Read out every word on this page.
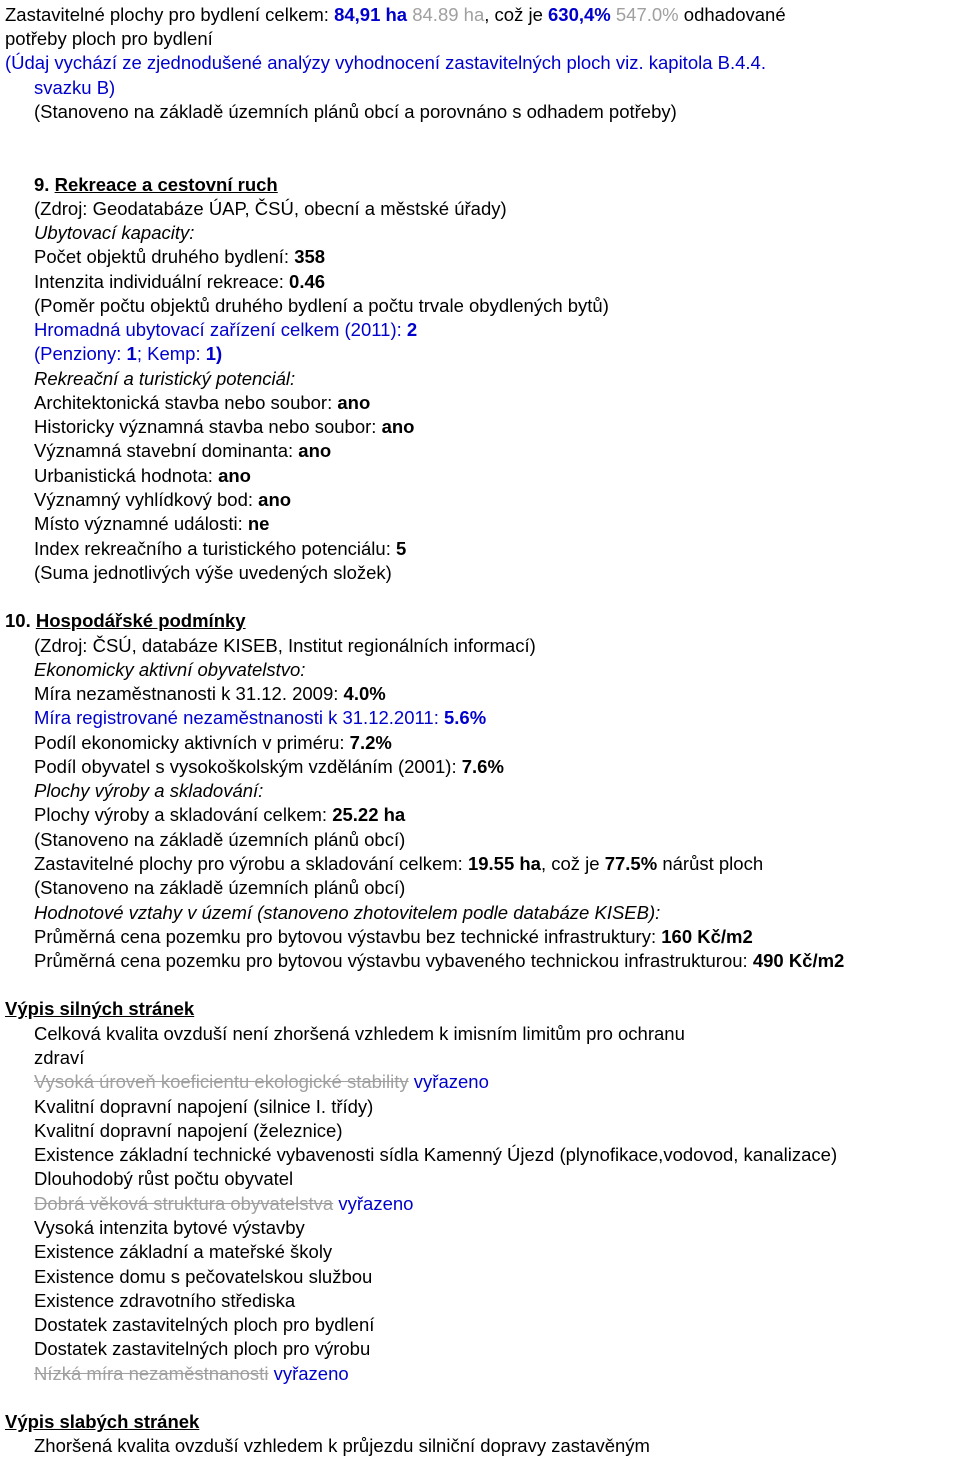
Zastavitelné plochy pro bydlení celkem: 84,91 ha 84.89 ha, což je 630,4% 547.0% odhadované
potřeby ploch pro bydlení
(Údaj vychází ze zjednodušené analýzy vyhodnocení zastavitelných ploch viz. kapitola B.4.4.
svazku B)
(Stanoveno na základě územních plánů obcí a porovnáno s odhadem potřeby)
9. Rekreace a cestovní ruch
(Zdroj: Geodatabáze ÚAP, ČSÚ, obecní a městské úřady)
Ubytovací kapacity:
Počet objektů druhého bydlení: 358
Intenzita individuální rekreace: 0.46
(Poměr počtu objektů druhého bydlení a počtu trvale obydlených bytů)
Hromadná ubytovací zařízení celkem (2011): 2
(Penziony: 1; Kemp: 1)
Rekreační a turistický potenciál:
Architektonická stavba nebo soubor: ano
Historicky významná stavba nebo soubor: ano
Významná stavební dominanta: ano
Urbanistická hodnota: ano
Významný vyhlídkový bod: ano
Místo významné události: ne
Index rekreačního a turistického potenciálu: 5
(Suma jednotlivých výše uvedených složek)
10. Hospodářské podmínky
(Zdroj: ČSÚ, databáze KISEB, Institut regionálních informací)
Ekonomicky aktivní obyvatelstvo:
Míra nezaměstnanosti k 31.12. 2009: 4.0%
Míra registrované nezaměstnanosti k 31.12.2011: 5.6%
Podíl ekonomicky aktivních v priméru: 7.2%
Podíl obyvatel s vysokoškolským vzděláním (2001): 7.6%
Plochy výroby a skladování:
Plochy výroby a skladování celkem: 25.22 ha
(Stanoveno na základě územních plánů obcí)
Zastavitelné plochy pro výrobu a skladování celkem: 19.55 ha, což je 77.5% nárůst ploch
(Stanoveno na základě územních plánů obcí)
Hodnotové vztahy v území (stanoveno zhotovitelem podle databáze KISEB):
Průměrná cena pozemku pro bytovou výstavbu bez technické infrastruktury: 160 Kč/m2
Průměrná cena pozemku pro bytovou výstavbu vybaveného technickou infrastrukturou: 490 Kč/m2
Výpis silných stránek
Celková kvalita ovzduší není zhoršená vzhledem k imisním limitům pro ochranu
zdraví
Vysoká úroveň koeficientu ekologické stability vyřazeno
Kvalitní dopravní napojení (silnice I. třídy)
Kvalitní dopravní napojení (železnice)
Existence základní technické vybavenosti sídla Kamenný Újezd (plynofikace,vodovod, kanalizace)
Dlouhodobý růst počtu obyvatel
Dobrá věková struktura obyvatelstva vyřazeno
Vysoká intenzita bytové výstavby
Existence základní a mateřské školy
Existence domu s pečovatelskou službou
Existence zdravotního střediska
Dostatek zastavitelných ploch pro bydlení
Dostatek zastavitelných ploch pro výrobu
Nízká míra nezaměstnanosti vyřazeno
Výpis slabých stránek
Zhoršená kvalita ovzduší vzhledem k průjezdu silniční dopravy zastavěným
